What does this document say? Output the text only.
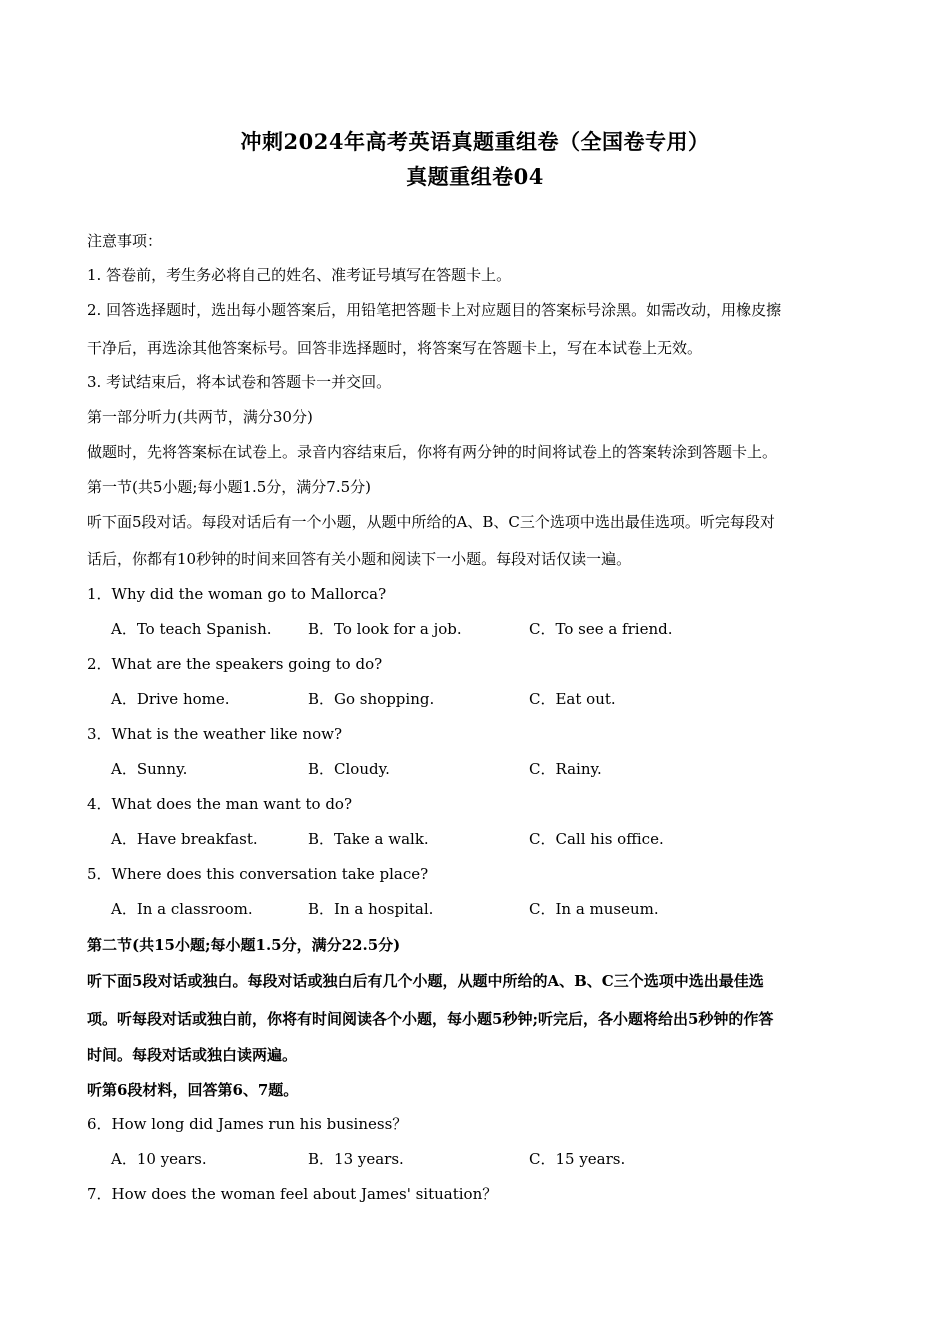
冲刺2024年高考英语真题重组卷（全国卷专用）
真题重组卷04
注意事项：
1. 答卷前，考生务必将自己的姓名、准考证号填写在答题卡上。
2. 回答选择题时，选出每小题答案后，用铅笔把答题卡上对应题目的答案标号涂黑。如需改动，用橡皮擦
干净后，再选涂其他答案标号。回答非选择题时，将答案写在答题卡上，写在本试卷上无效。
3. 考试结束后，将本试卷和答题卡一并交回。
第一部分听力(共两节，满分30分)
做题时，先将答案标在试卷上。录音内容结束后，你将有两分钟的时间将试卷上的答案转涂到答题卡上。
第一节(共5小题;每小题1.5分，满分7.5分)
听下面5段对话。每段对话后有一个小题，从题中所给的A、B、C三个选项中选出最佳选项。听完每段对
话后，你都有10秒钟的时间来回答有关小题和阅读下一小题。每段对话仅读一遍。
1．Why did the woman go to Mallorca?
A．To teach Spanish. B．To look for a job.	C．To see a friend.
2．What are the speakers going to do?
A．Drive home.	B．Go shopping.	C．Eat out.
3．What is the weather like now?
A．Sunny.	B．Cloudy.	C．Rainy.
4．What does the man want to do?
A．Have breakfast.	B．Take a walk.	C．Call his office.
5．Where does this conversation take place?
A．In a classroom.	B．In a hospital.	C．In a museum.
第二节(共15小题;每小题1.5分，满分22.5分)
听下面5段对话或独白。每段对话或独白后有几个小题，从题中所给的A、B、C三个选项中选出最佳选
项。听每段对话或独白前，你将有时间阅读各个小题，每小题5秒钟;听完后，各小题将给出5秒钟的作答
时间。每段对话或独白读两遍。
听第6段材料，回答第6、7题。
6．How long did James run his business？
A．10 years.	B．13 years.	C．15 years.
7．How does the woman feel about James' situation？
